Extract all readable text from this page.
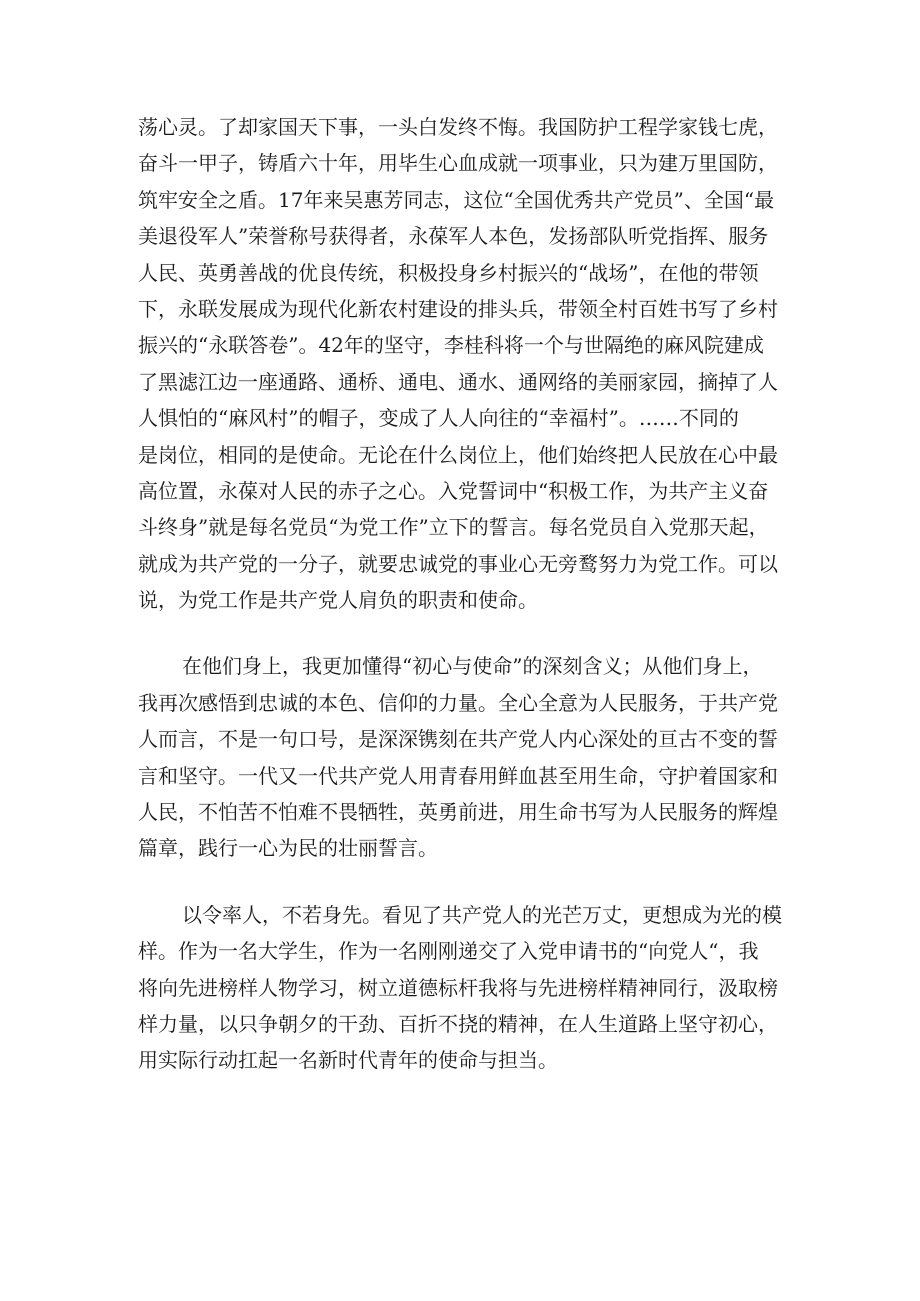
荡心灵。了却家国天下事，一头白发终不悔。我国防护工程学家钱七虎，
奋斗一甲子，铸盾六十年，用毕生心血成就一项事业，只为建万里国防，
筑牢安全之盾。17年来吴惠芳同志，这位“全国优秀共产党员”、全国“最
美退役军人”荣誉称号获得者，永葆军人本色，发扬部队听党指挥、服务
人民、英勇善战的优良传统，积极投身乡村振兴的“战场”，在他的带领
下，永联发展成为现代化新农村建设的排头兵，带领全村百姓书写了乡村
振兴的“永联答卷”。42年的坚守，李桂科将一个与世隔绝的麻风院建成
了黑滤江边一座通路、通桥、通电、通水、通网络的美丽家园，摘掉了人
人惧怕的“麻风村”的帽子，变成了人人向往的“幸福村”。……不同的
是岗位，相同的是使命。无论在什么岗位上，他们始终把人民放在心中最
高位置，永葆对人民的赤子之心。入党誓词中“积极工作，为共产主义奋
斗终身”就是每名党员“为党工作”立下的誓言。每名党员自入党那天起，
就成为共产党的一分子，就要忠诚党的事业心无旁鹜努力为党工作。可以
说，为党工作是共产党人肩负的职责和使命。
在他们身上，我更加懂得“初心与使命”的深刻含义；从他们身上，
我再次感悟到忠诚的本色、信仰的力量。全心全意为人民服务，于共产党
人而言，不是一句口号，是深深镌刻在共产党人内心深处的亘古不变的誓
言和坚守。一代又一代共产党人用青春用鲜血甚至用生命，守护着国家和
人民，不怕苦不怕难不畏牺牲，英勇前进，用生命书写为人民服务的辉煌
篇章，践行一心为民的壮丽誓言。
以令率人，不若身先。看见了共产党人的光芒万丈，更想成为光的模
样。作为一名大学生，作为一名刚刚递交了入党申请书的“向党人“，我
将向先进榜样人物学习，树立道德标杆我将与先进榜样精神同行，汲取榜
样力量，以只争朝夕的干劲、百折不挠的精神，在人生道路上坚守初心，
用实际行动扛起一名新时代青年的使命与担当。
